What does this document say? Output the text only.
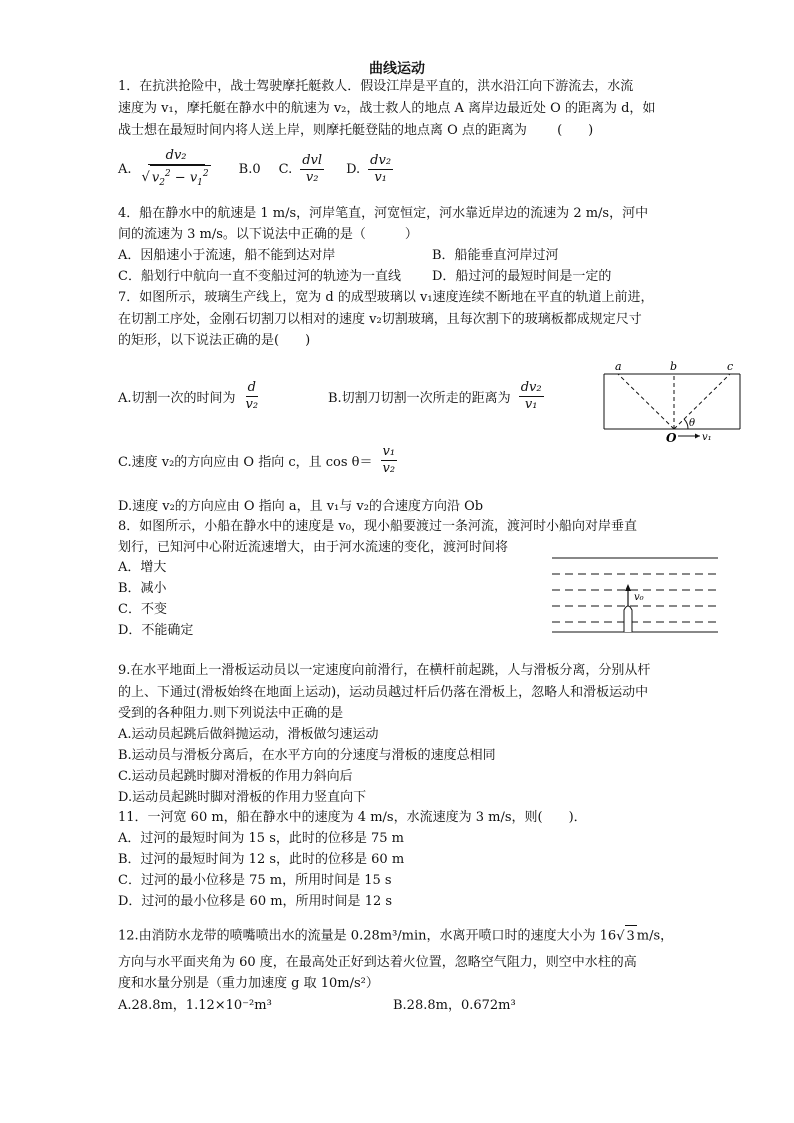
曲线运动
1．在抗洪抢险中，战士驾驶摩托艇救人．假设江岸是平直的，洪水沿江向下游流去，水流
速度为 v₁，摩托艇在静水中的航速为 v₂，战士救人的地点 A 离岸边最近处 O 的距离为 d，如
战士想在最短时间内将人送上岸，则摩托艇登陆的地点离 O 点的距离为 (　　)
A. $\frac{\text{dv₂}}{√ v_2^2 - v_1^2} B.0$ C. $\frac{\text{dvl}}{\text{v₂}} D$. $\frac{\text{dv₂}}{\text{v₁}}$
4．船在静水中的航速是 1 m/s，河岸笔直，河宽恒定，河水靠近岸边的流速为 2 m/s，河中
间的流速为 3 m/s。以下说法中正确的是（　　　）
A．因船速小于流速，船不能到达对岸	B．船能垂直河岸过河
C．船划行中航向一直不变船过河的轨迹为一直线 D．船过河的最短时间是一定的
7．如图所示，玻璃生产线上，宽为 d 的成型玻璃以 v₁速度连续不断地在平直的轨道上前进，
在切割工序处，金刚石切割刀以相对的速度 v₂切割玻璃，且每次割下的玻璃板都成规定尺寸
的矩形，以下说法正确的是(　　)
A.切割一次的时间为 $\frac{d}{\text{v₂}}$	B.切割刀切割一次所走的距离为 $\frac{\text{dv₂}}{\text{v₁}}$
a	b	c
O
θ
v₁
C.速度 v₂的方向应由 O 指向 c，且 $\cos \theta= \frac{\text{v₁}}{\text{v₂}}$
D.速度 v₂的方向应由 O 指向 a，且 v₁与 v₂的合速度方向沿 Ob
8．如图所示，小船在静水中的速度是 v₀，现小船要渡过一条河流，渡河时小船向对岸垂直
划行，已知河中心附近流速增大，由于河水流速的变化，渡河时间将
A．增大
B．减小
C．不变
D．不能确定
v₀
9.在水平地面上一滑板运动员以一定速度向前滑行，在横杆前起跳，人与滑板分离，分别从杆
的上、下通过(滑板始终在地面上运动)，运动员越过杆后仍落在滑板上，忽略人和滑板运动中
受到的各种阻力.则下列说法中正确的是
A.运动员起跳后做斜抛运动，滑板做匀速运动
B.运动员与滑板分离后，在水平方向的分速度与滑板的速度总相同
C.运动员起跳时脚对滑板的作用力斜向后
D.运动员起跳时脚对滑板的作用力竖直向下
11．一河宽 60 m，船在静水中的速度为 4 m/s，水流速度为 3 m/s，则(　　)．
A．过河的最短时间为 15 s，此时的位移是 75 m
B．过河的最短时间为 12 s，此时的位移是 60 m
C．过河的最小位移是 75 m，所用时间是 15 s
D．过河的最小位移是 60 m，所用时间是 12 s
12.由消防水龙带的喷嘴喷出水的流量是 0.28m³/min，水离开喷口时的速度大小为 16√ 3 m/s，
方向与水平面夹角为 60 度，在最高处正好到达着火位置，忽略空气阻力，则空中水柱的高
度和水量分别是（重力加速度 g 取 10m/s²）
A.28.8m，1.12×10⁻²m³	B.28.8m，0.672m³
